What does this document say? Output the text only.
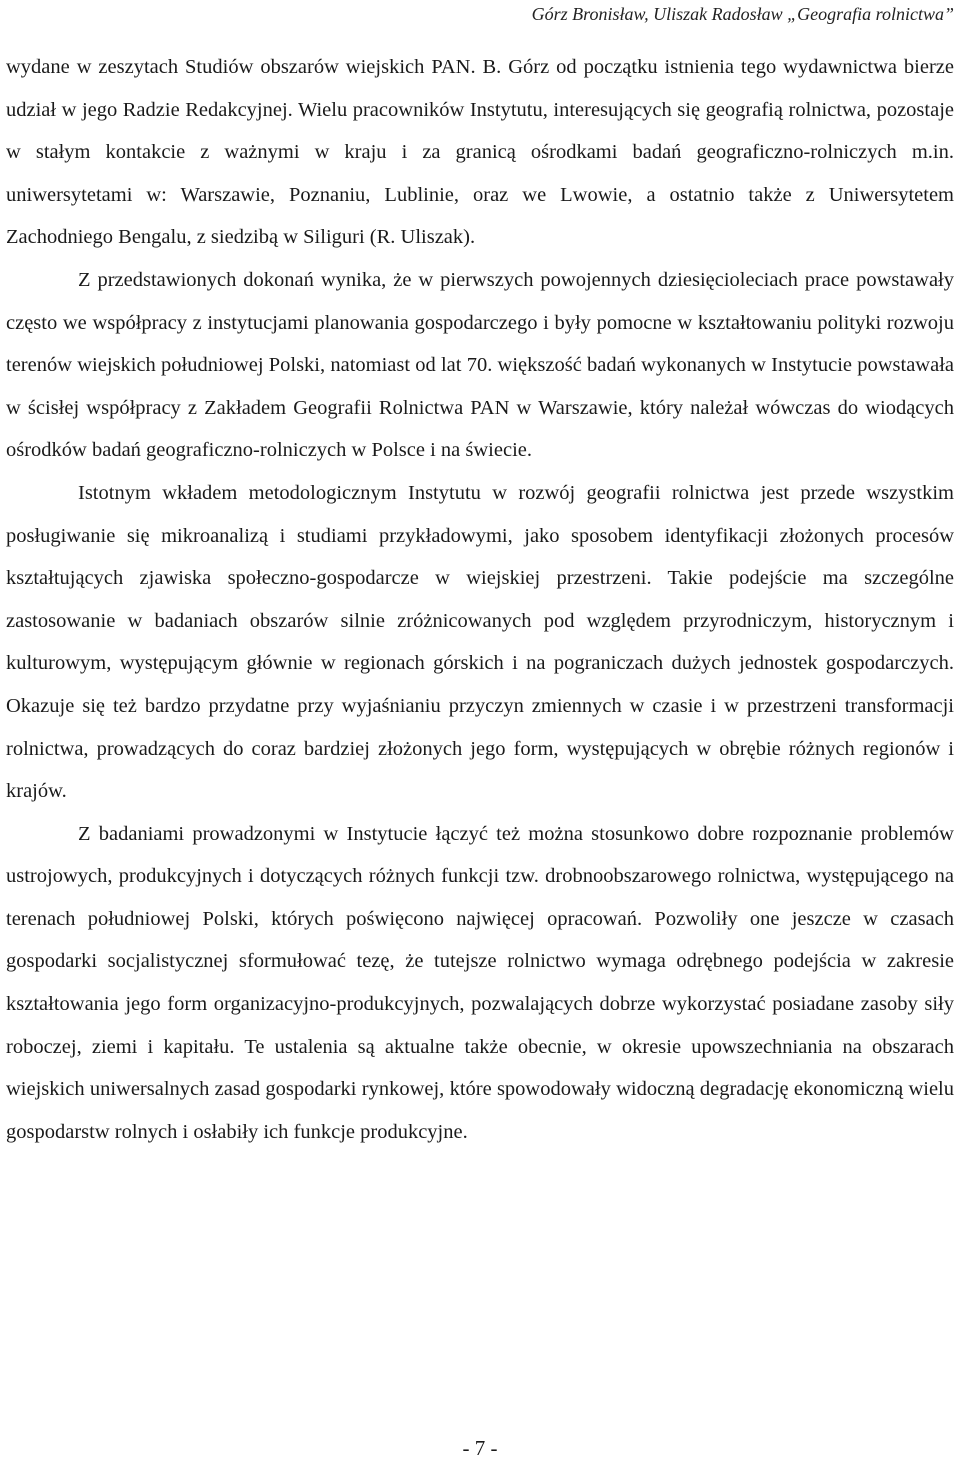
Górz Bronisław, Uliszak Radosław „Geografia rolnictwa”

wydane w zeszytach Studiów obszarów wiejskich PAN. B. Górz od początku istnienia tego wydawnictwa bierze udział w jego Radzie Redakcyjnej. Wielu pracowników Instytutu, interesujących się geografią rolnictwa, pozostaje w stałym kontakcie z ważnymi w kraju i za granicą ośrodkami badań geograficzno-rolniczych m.in. uniwersytetami w: Warszawie, Poznaniu, Lublinie, oraz we Lwowie, a ostatnio także z Uniwersytetem Zachodniego Bengalu, z siedzibą w Siliguri (R. Uliszak).

Z przedstawionych dokonań wynika, że w pierwszych powojennych dziesięcioleciach prace powstawały często we współpracy z instytucjami planowania gospodarczego i były pomocne w kształtowaniu polityki rozwoju terenów wiejskich południowej Polski, natomiast od lat 70. większość badań wykonanych w Instytucie powstawała w ścisłej współpracy z Zakładem Geografii Rolnictwa PAN w Warszawie, który należał wówczas do wiodących ośrodków badań geograficzno-rolniczych w Polsce i na świecie.

Istotnym wkładem metodologicznym Instytutu w rozwój geografii rolnictwa jest przede wszystkim posługiwanie się mikroanalizą i studiami przykładowymi, jako sposobem identyfikacji złożonych procesów kształtujących zjawiska społeczno-gospodarcze w wiejskiej przestrzeni. Takie podejście ma szczególne zastosowanie w badaniach obszarów silnie zróżnicowanych pod względem przyrodniczym, historycznym i kulturowym, występującym głównie w regionach górskich i na pograniczach dużych jednostek gospodarczych. Okazuje się też bardzo przydatne przy wyjaśnianiu przyczyn zmiennych w czasie i w przestrzeni transformacji rolnictwa, prowadzących do coraz bardziej złożonych jego form, występujących w obrębie różnych regionów i krajów.

Z badaniami prowadzonymi w Instytucie łączyć też można stosunkowo dobre rozpoznanie problemów ustrojowych, produkcyjnych i dotyczących różnych funkcji tzw. drobnoobszarowego rolnictwa, występującego na terenach południowej Polski, których poświęcono najwięcej opracowań. Pozwoliły one jeszcze w czasach gospodarki socjalistycznej sformułować tezę, że tutejsze rolnictwo wymaga odrębnego podejścia w zakresie kształtowania jego form organizacyjno-produkcyjnych, pozwalających dobrze wykorzystać posiadane zasoby siły roboczej, ziemi i kapitału. Te ustalenia są aktualne także obecnie, w okresie upowszechniania na obszarach wiejskich uniwersalnych zasad gospodarki rynkowej, które spowodowały widoczną degradację ekonomiczną wielu gospodarstw rolnych i osłabiły ich funkcje produkcyjne.

- 7 -
